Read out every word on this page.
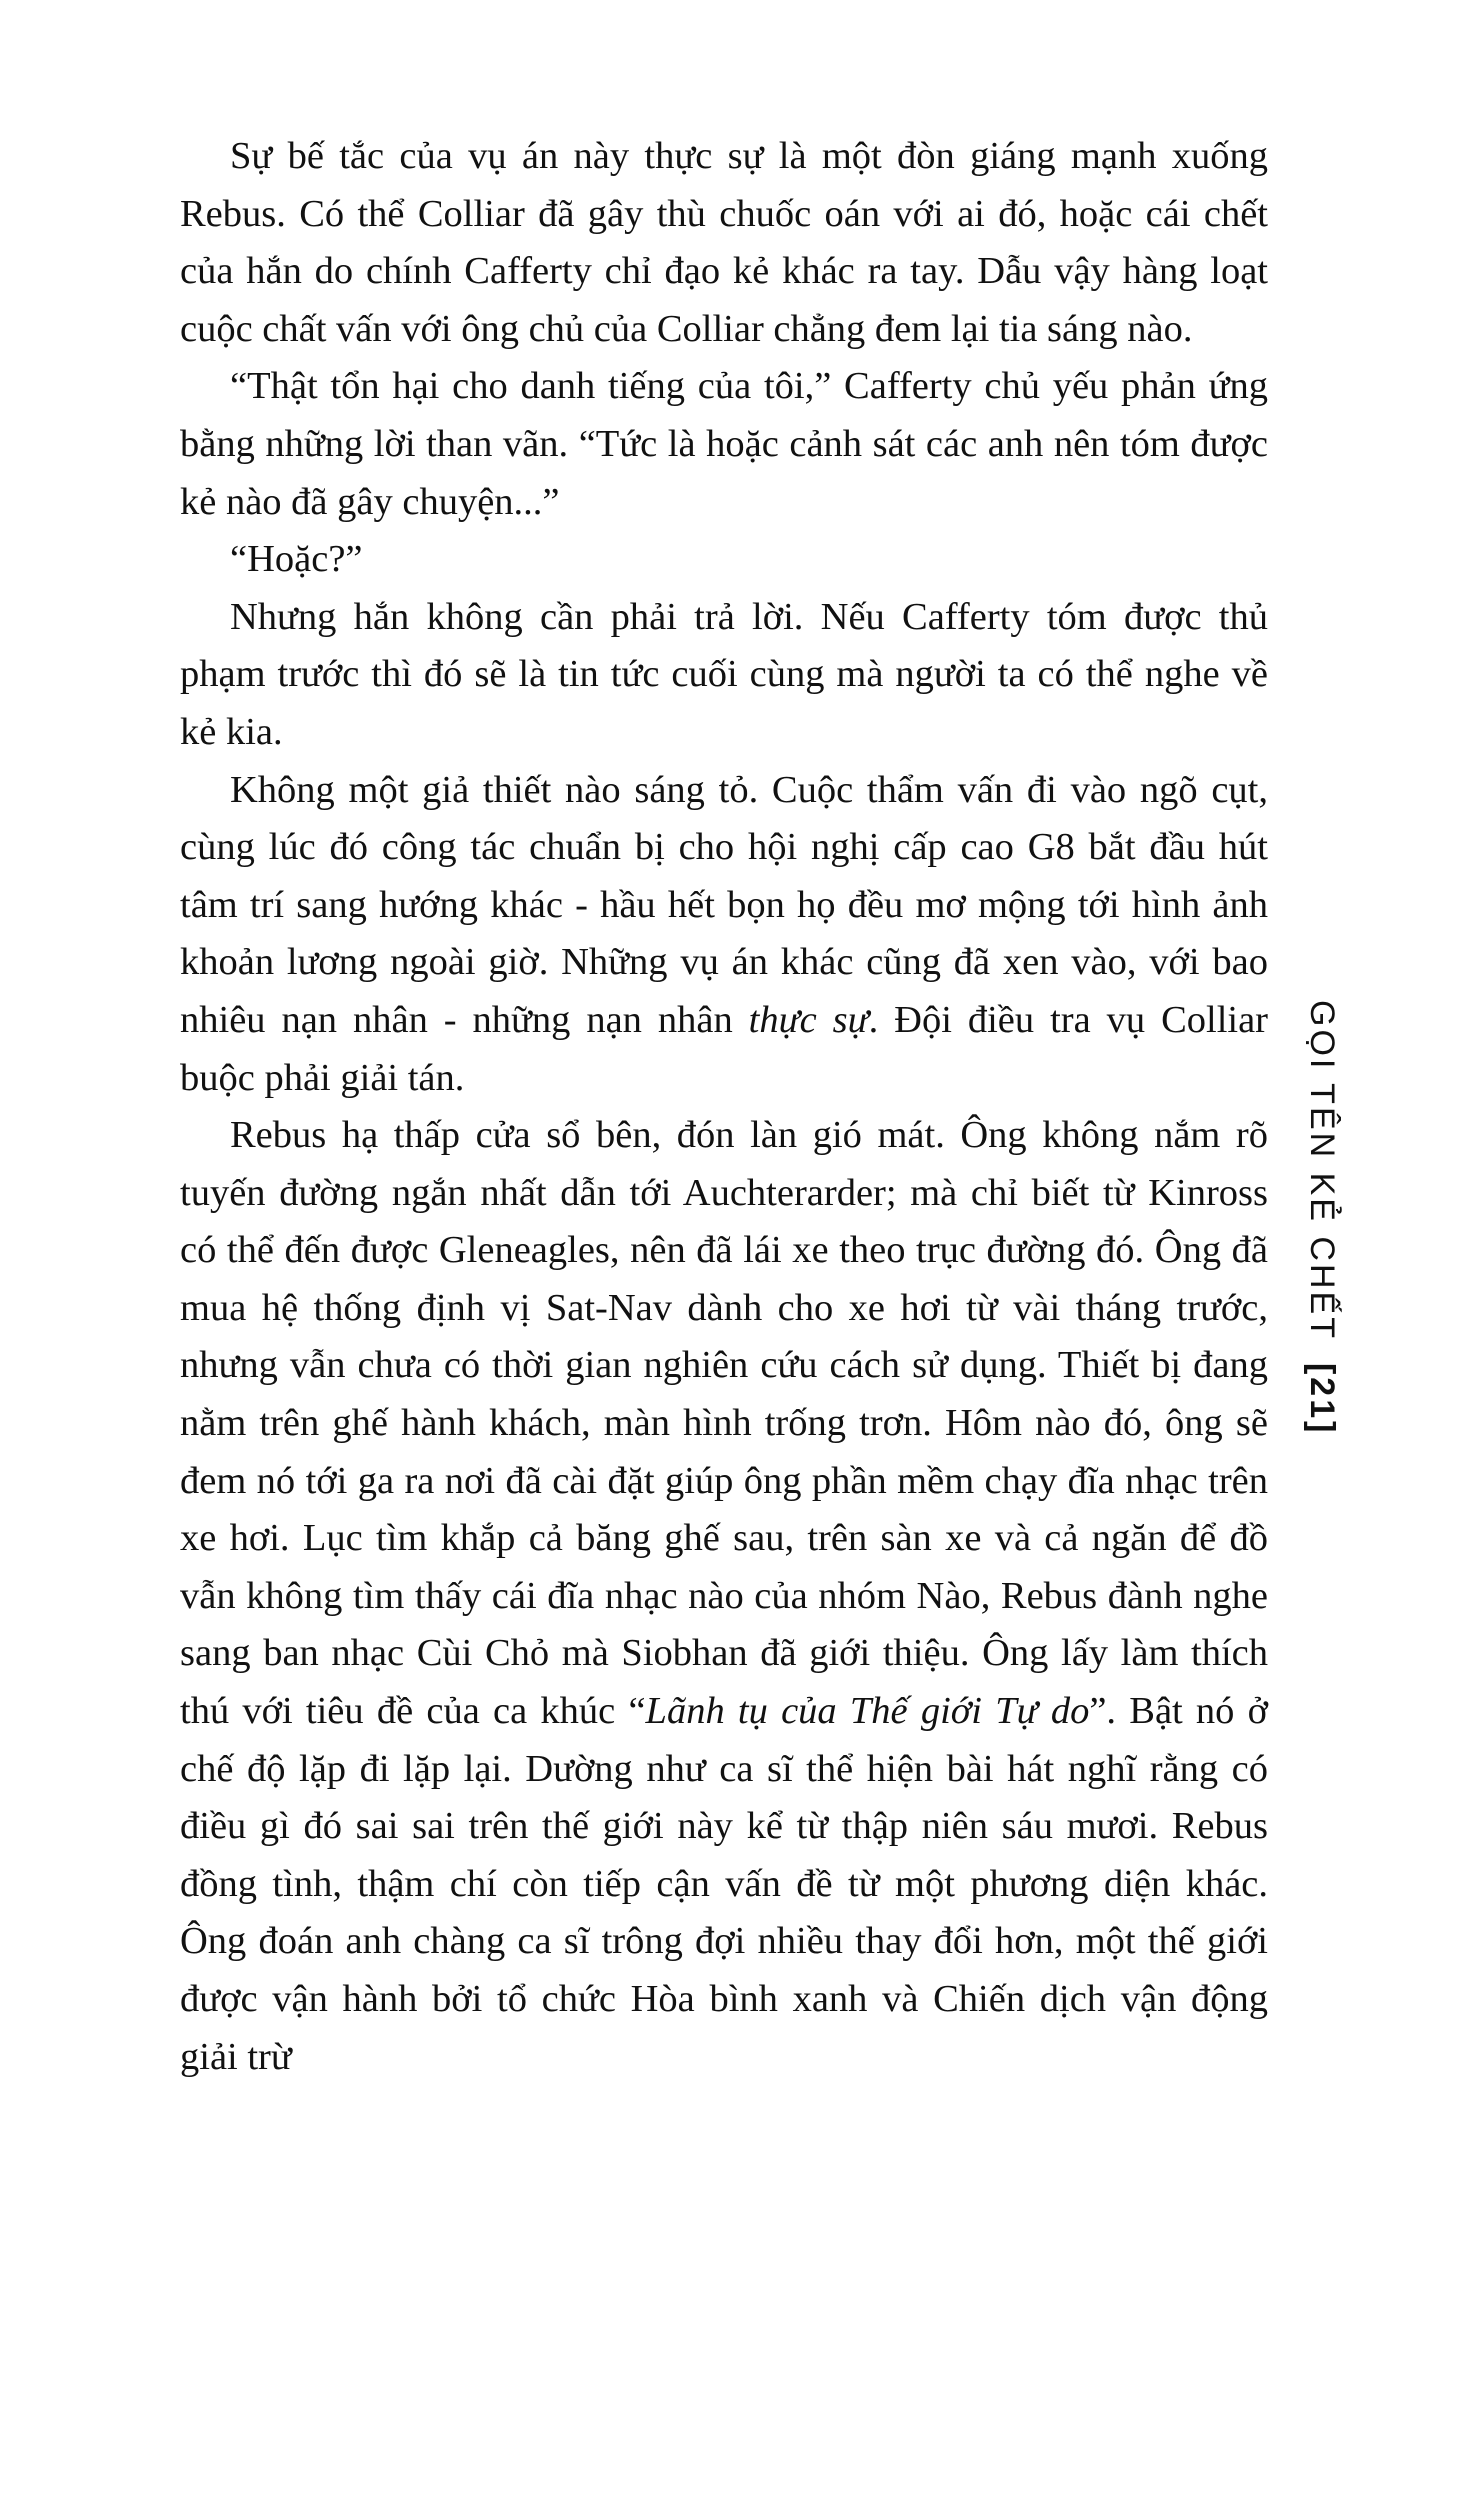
Sự bế tắc của vụ án này thực sự là một đòn giáng mạnh xuống Rebus. Có thể Colliar đã gây thù chuốc oán với ai đó, hoặc cái chết của hắn do chính Cafferty chỉ đạo kẻ khác ra tay. Dẫu vậy hàng loạt cuộc chất vấn với ông chủ của Colliar chẳng đem lại tia sáng nào.

“Thật tổn hại cho danh tiếng của tôi,” Cafferty chủ yếu phản ứng bằng những lời than vãn. “Tức là hoặc cảnh sát các anh nên tóm được kẻ nào đã gây chuyện...”

“Hoặc?”

Nhưng hắn không cần phải trả lời. Nếu Cafferty tóm được thủ phạm trước thì đó sẽ là tin tức cuối cùng mà người ta có thể nghe về kẻ kia.

Không một giả thiết nào sáng tỏ. Cuộc thẩm vấn đi vào ngõ cụt, cùng lúc đó công tác chuẩn bị cho hội nghị cấp cao G8 bắt đầu hút tâm trí sang hướng khác - hầu hết bọn họ đều mơ mộng tới hình ảnh khoản lương ngoài giờ. Những vụ án khác cũng đã xen vào, với bao nhiêu nạn nhân - những nạn nhân thực sự. Đội điều tra vụ Colliar buộc phải giải tán.

Rebus hạ thấp cửa sổ bên, đón làn gió mát. Ông không nắm rõ tuyến đường ngắn nhất dẫn tới Auchterarder; mà chỉ biết từ Kinross có thể đến được Gleneagles, nên đã lái xe theo trục đường đó. Ông đã mua hệ thống định vị Sat-Nav dành cho xe hơi từ vài tháng trước, nhưng vẫn chưa có thời gian nghiên cứu cách sử dụng. Thiết bị đang nằm trên ghế hành khách, màn hình trống trơn. Hôm nào đó, ông sẽ đem nó tới ga ra nơi đã cài đặt giúp ông phần mềm chạy đĩa nhạc trên xe hơi. Lục tìm khắp cả băng ghế sau, trên sàn xe và cả ngăn để đồ vẫn không tìm thấy cái đĩa nhạc nào của nhóm Nào, Rebus đành nghe sang ban nhạc Cùi Chỏ mà Siobhan đã giới thiệu. Ông lấy làm thích thú với tiêu đề của ca khúc “Lãnh tụ của Thế giới Tự do”. Bật nó ở chế độ lặp đi lặp lại. Dường như ca sĩ thể hiện bài hát nghĩ rằng có điều gì đó sai sai trên thế giới này kể từ thập niên sáu mươi. Rebus đồng tình, thậm chí còn tiếp cận vấn đề từ một phương diện khác. Ông đoán anh chàng ca sĩ trông đợi nhiều thay đổi hơn, một thế giới được vận hành bởi tổ chức Hòa bình xanh và Chiến dịch vận động giải trừ

GỌI TÊN KẺ CHẾT[21]
